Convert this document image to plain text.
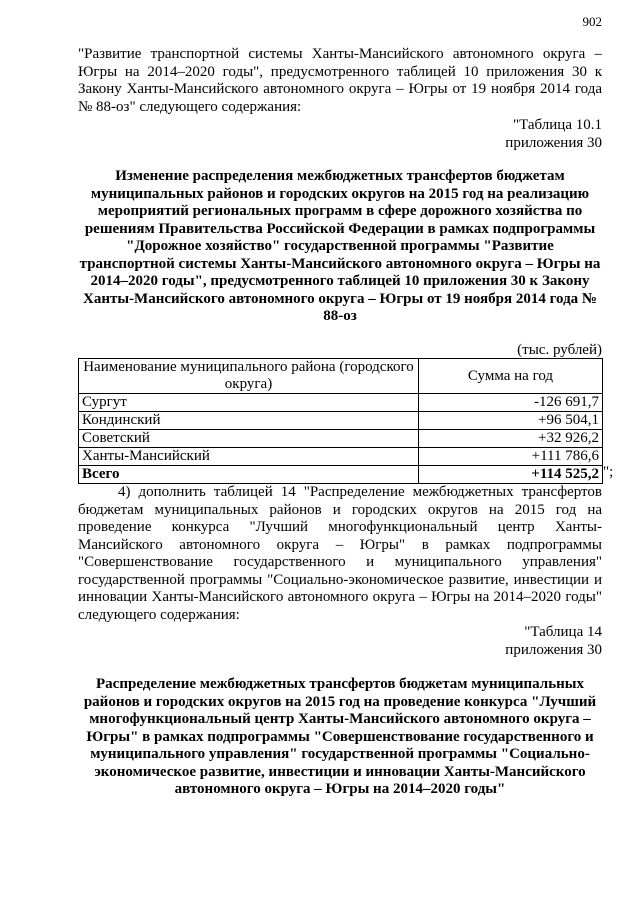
902
"Развитие транспортной системы Ханты-Мансийского автономного округа – Югры на 2014–2020 годы", предусмотренного таблицей 10 приложения 30 к Закону Ханты-Мансийского автономного округа – Югры от 19 ноября 2014 года № 88-оз" следующего содержания:
"Таблица 10.1
приложения 30
Изменение распределения межбюджетных трансфертов бюджетам муниципальных районов и городских округов на 2015 год на реализацию мероприятий региональных программ в сфере дорожного хозяйства по решениям Правительства Российской Федерации в рамках подпрограммы "Дорожное хозяйство" государственной программы "Развитие транспортной системы Ханты-Мансийского автономного округа – Югры на 2014–2020 годы", предусмотренного таблицей 10 приложения 30 к Закону Ханты-Мансийского автономного округа – Югры от 19 ноября 2014 года № 88-оз
(тыс. рублей)
Наименование муниципального района (городского округа)	Сумма на год
Сургут	-126 691,7
Кондинский	+96 504,1
Советский	+32 926,2
Ханты-Мансийский	+111 786,6
Всего	+114 525,2 ";
4) дополнить таблицей 14 "Распределение межбюджетных трансфертов бюджетам муниципальных районов и городских округов на 2015 год на проведение конкурса "Лучший многофункциональный центр Ханты-Мансийского автономного округа – Югры" в рамках подпрограммы "Совершенствование государственного и муниципального управления" государственной программы "Социально-экономическое развитие, инвестиции и инновации Ханты-Мансийского автономного округа – Югры на 2014–2020 годы" следующего содержания:
"Таблица 14
приложения 30
Распределение межбюджетных трансфертов бюджетам муниципальных районов и городских округов на 2015 год на проведение конкурса "Лучший многофункциональный центр Ханты-Мансийского автономного округа – Югры" в рамках подпрограммы "Совершенствование государственного и муниципального управления" государственной программы "Социально-экономическое развитие, инвестиции и инновации Ханты-Мансийского автономного округа – Югры на 2014–2020 годы"
